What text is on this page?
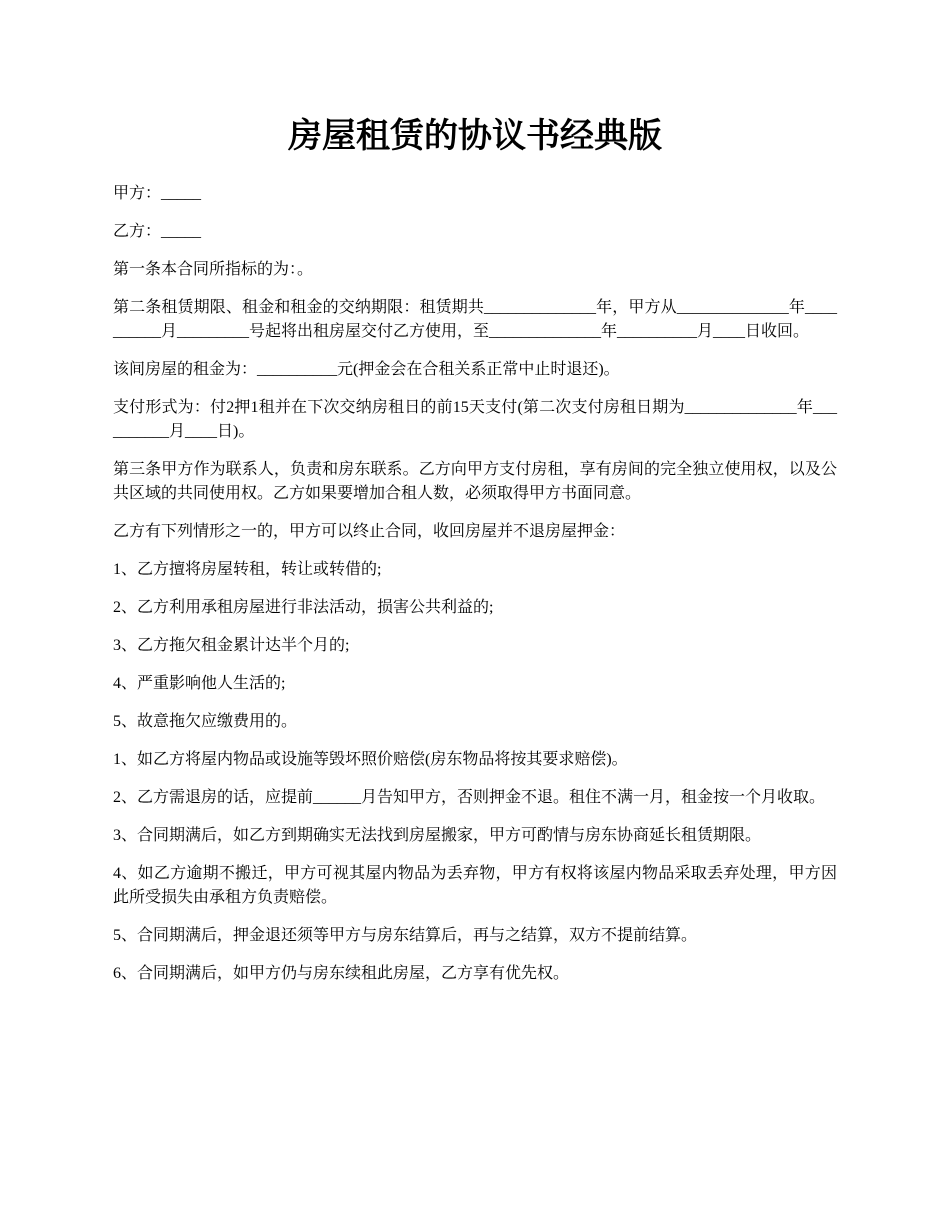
房屋租赁的协议书经典版

甲方：_____

乙方：_____

第一条本合同所指标的为：。

第二条租赁期限、租金和租金的交纳期限：租赁期共______________年，甲方从______________年__________月_________号起将出租房屋交付乙方使用，至______________年__________月____日收回。

该间房屋的租金为：__________元(押金会在合租关系正常中止时退还)。

支付形式为：付2押1租并在下次交纳房租日的前15天支付(第二次支付房租日期为______________年__________月____日)。

第三条甲方作为联系人，负责和房东联系。乙方向甲方支付房租，享有房间的完全独立使用权，以及公共区域的共同使用权。乙方如果要增加合租人数，必须取得甲方书面同意。

乙方有下列情形之一的，甲方可以终止合同，收回房屋并不退房屋押金：

1、乙方擅将房屋转租，转让或转借的;

2、乙方利用承租房屋进行非法活动，损害公共利益的;

3、乙方拖欠租金累计达半个月的;

4、严重影响他人生活的;

5、故意拖欠应缴费用的。

1、如乙方将屋内物品或设施等毁坏照价赔偿(房东物品将按其要求赔偿)。

2、乙方需退房的话，应提前______月告知甲方，否则押金不退。租住不满一月，租金按一个月收取。

3、合同期满后，如乙方到期确实无法找到房屋搬家，甲方可酌情与房东协商延长租赁期限。

4、如乙方逾期不搬迁，甲方可视其屋内物品为丢弃物，甲方有权将该屋内物品采取丢弃处理，甲方因此所受损失由承租方负责赔偿。

5、合同期满后，押金退还须等甲方与房东结算后，再与之结算，双方不提前结算。

6、合同期满后，如甲方仍与房东续租此房屋，乙方享有优先权。
